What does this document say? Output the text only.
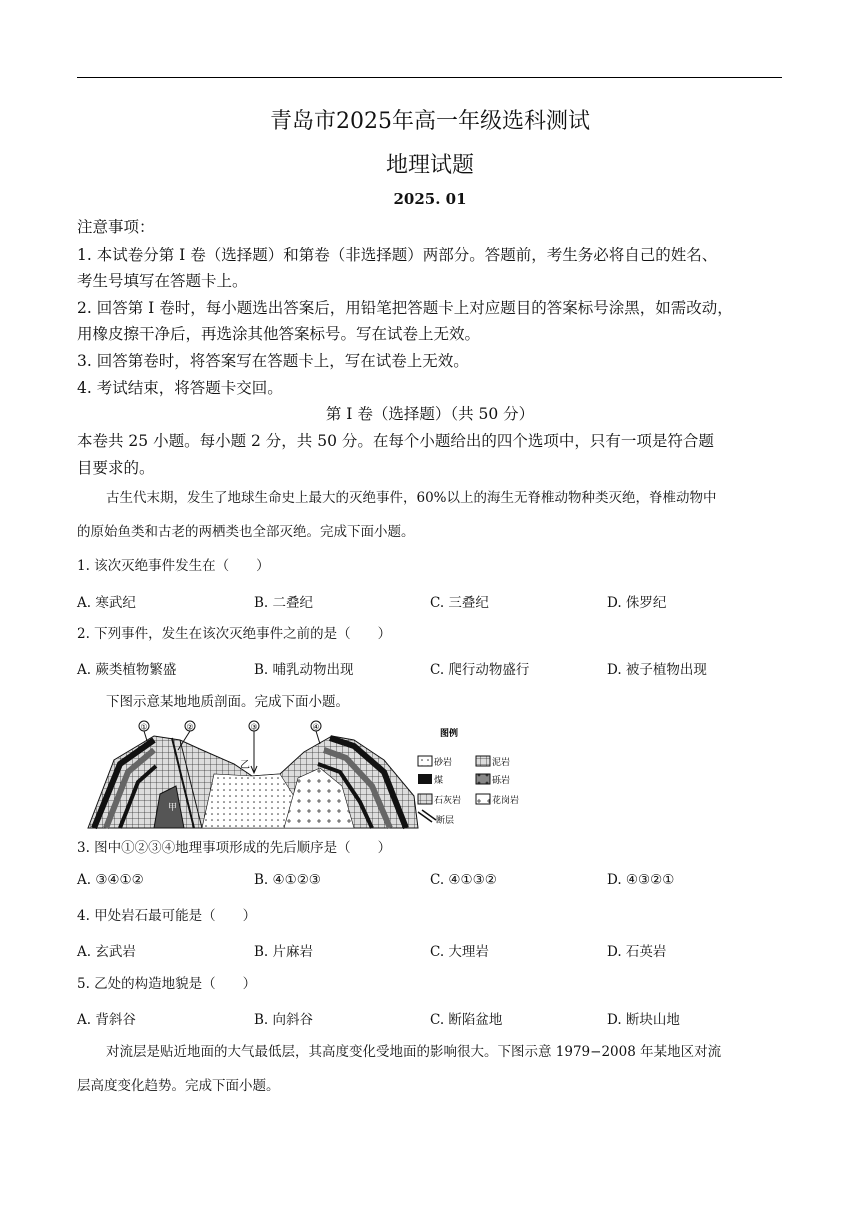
青岛市2025年高一年级选科测试
地理试题
2025. 01
注意事项：
1. 本试卷分第 I 卷（选择题）和第卷（非选择题）两部分。答题前，考生务必将自己的姓名、
考生号填写在答题卡上。
2. 回答第 I 卷时，每小题选出答案后，用铅笔把答题卡上对应题目的答案标号涂黑，如需改动，
用橡皮擦干净后，再选涂其他答案标号。写在试卷上无效。
3. 回答第卷时，将答案写在答题卡上，写在试卷上无效。
4. 考试结束，将答题卡交回。
第 I 卷（选择题）（共 50 分）
本卷共 25 小题。每小题 2 分，共 50 分。在每个小题给出的四个选项中，只有一项是符合题
目要求的。
古生代末期，发生了地球生命史上最大的灭绝事件，60%以上的海生无脊椎动物种类灭绝，脊椎动物中
的原始鱼类和古老的两栖类也全部灭绝。完成下面小题。
1. 该次灭绝事件发生在（　　）
A. 寒武纪	B. 二叠纪	C. 三叠纪	D. 侏罗纪
2. 下列事件，发生在该次灭绝事件之前的是（　　）
A. 蕨类植物繁盛	B. 哺乳动物出现	C. 爬行动物盛行	D. 被子植物出现
下图示意某地地质剖面。完成下面小题。
①	②	③	④
乙
甲
图例
砂岩	泥岩
煤	砾岩
石灰岩	花岗岩
断层
3. 图中①②③④地理事项形成的先后顺序是（　　）
A. ③④①②	B. ④①②③	C. ④①③②	D. ④③②①
4. 甲处岩石最可能是（　　）
A. 玄武岩	B. 片麻岩	C. 大理岩	D. 石英岩
5. 乙处的构造地貌是（　　）
A. 背斜谷	B. 向斜谷	C. 断陷盆地	D. 断块山地
对流层是贴近地面的大气最低层，其高度变化受地面的影响很大。下图示意 1979−2008 年某地区对流
层高度变化趋势。完成下面小题。
